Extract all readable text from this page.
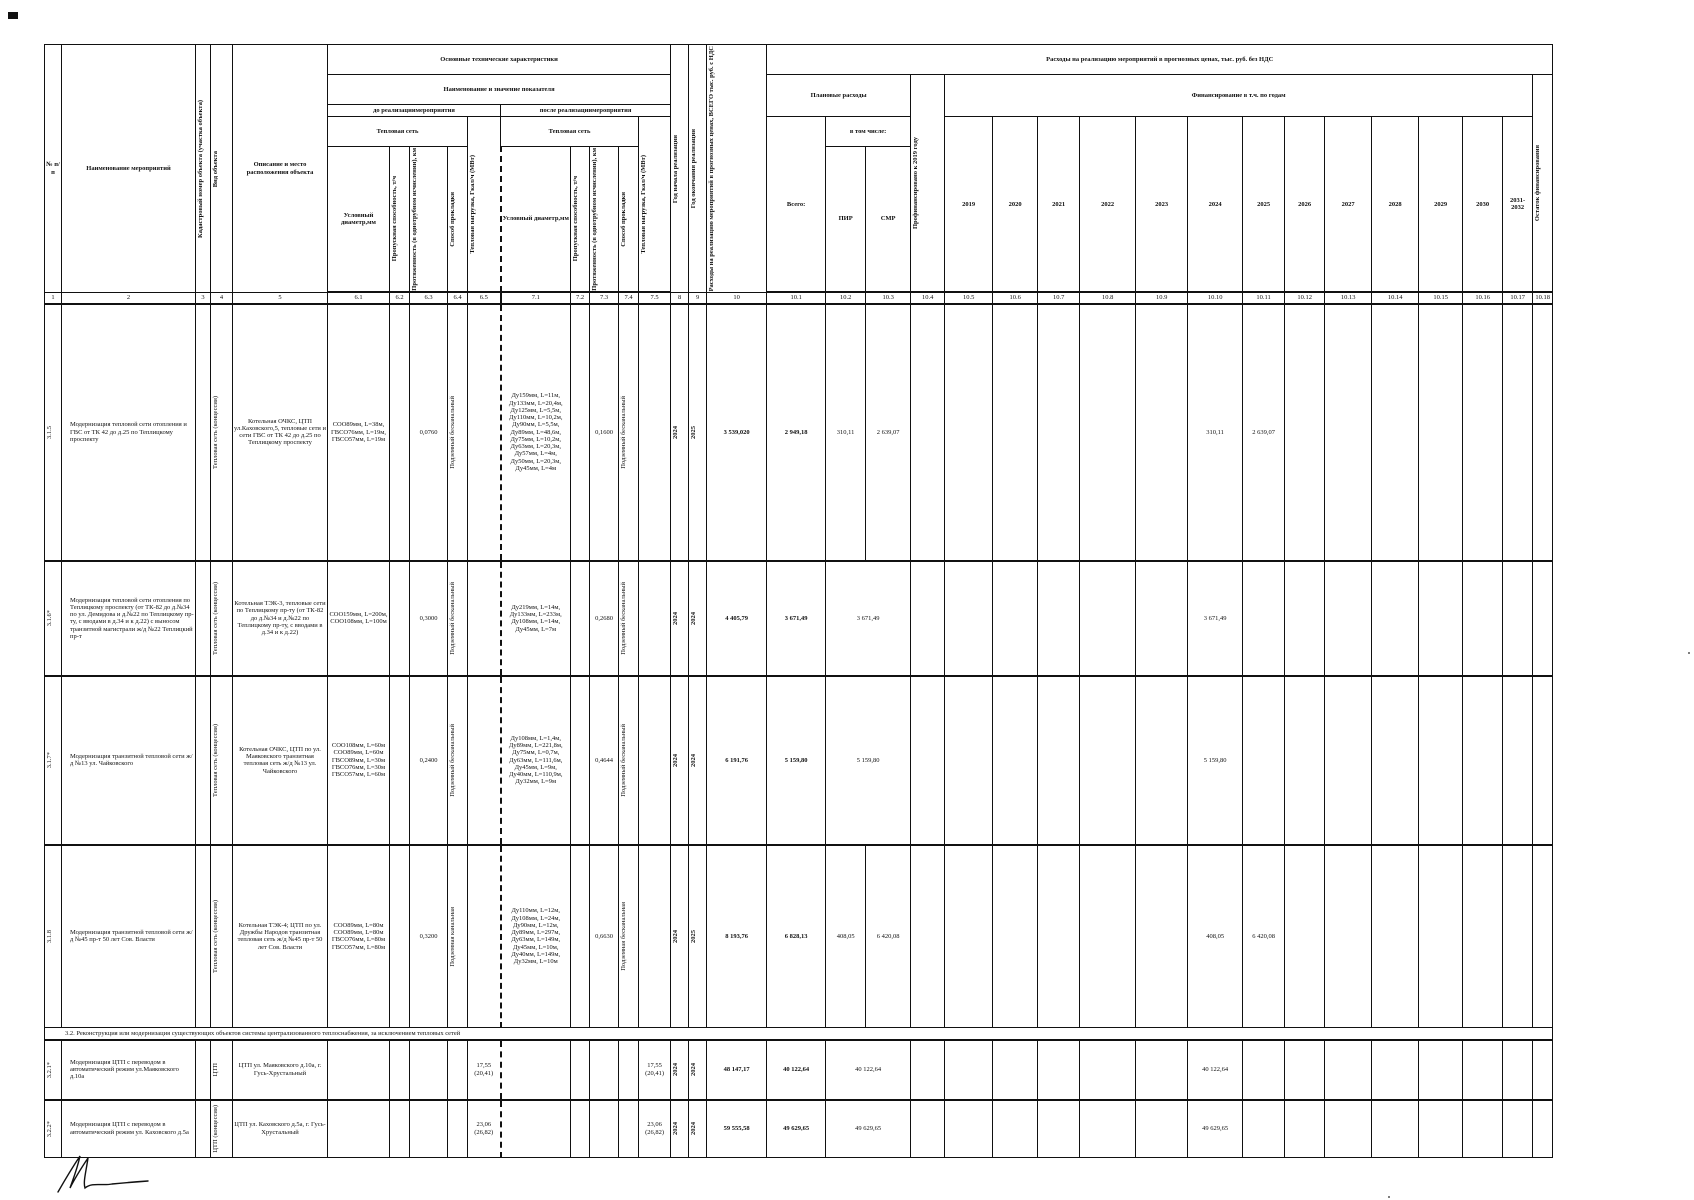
№ п/п	Наименование мероприятий	Кадастровый номер объекта (участка объекта)	Вид объекта	Описание и место расположения объекта	Основные технические характеристики										Год начала реализации	Год окончания реализации	Расходы на реализацию мероприятий в прогнозных ценах, ВСЕГО тыс. руб. с НДС	Расходы на реализацию мероприятий в прогнозных ценах, тыс. руб. без НДС																	
					Наименование и значение показателя													Плановые расходы			Профинансировано к 2019 году	Финансирование в т.ч. по годам													Остаток финансирования

					до реализациимероприятия					после реализациимероприятия																									
					Тепловая сеть				Тепловая нагрузка, Гкал/ч (МВт)	Тепловая сеть				Тепловая нагрузка, Гкал/ч (МВт)				Всего:	в том числе:			2019	2020	2021	2022	2023	2024	2025	2026	2027	2028	2029	2030	2031-2032	
					Условный диаметр,мм	Пропускная способность, т/ч	Протяженность (в однотрубном исчислении), км	Способ прокладки		Условный диаметр,мм	Пропускная способность, т/ч	Протяженность (в однотрубном исчислении), км	Способ прокладки						ПИР	СМР															

1	2	3	4	5	6.1	6.2	6.3	6.4	6.5	7.1	7.2	7.3	7.4	7.5	8	9	10	10.1	10.2	10.3	10.4	10.5	10.6	10.7	10.8	10.9	10.10	10.11	10.12	10.13	10.14	10.15	10.16	10.17	10.18

3.1.5	Модернизация тепловой сети отопления и ГВС от ТК 42 до д.25 по Теплицкому проспекту		Тепловая сеть (концессия)	Котельная ОЧКС, ЦТП ул.Каховского,5, тепловые сети и сети ГВС от ТК 42 до д.25 по Теплицкому проспекту	СОО89мм, L=38м, ГВСО76мм, L=19м, ГВСО57мм, L=19м		0,0760	Подземный бесканальный		Ду159мм, L=11м, Ду133мм, L=20,4м, Ду125мм, L=5,5м, Ду110мм, L=10,2м, Ду90мм, L=5,5м, Ду89мм, L=48,6м, Ду75мм, L=10,2м, Ду63мм, L=20,3м, Ду57мм, L=4м, Ду50мм, L=20,3м, Ду45мм, L=4м		0,1600	Подземный бесканальный		2024	2025	3 539,020	2 949,18	310,11	2 639,07							310,11	2 639,07							

3.1.6*	Модернизация тепловой сети отопления по Теплицкому проспекту (от ТК-82 до д.№34 по ул. Демидова и д.№22 по Теплицкому пр-ту, с вводами в д.34 и к д.22) с выносом транзитной магистрали ж/д №22 Теплицкий пр-т		Тепловая сеть (концессия)	Котельная ТЭК-3, тепловые сети по Теплицкому пр-ту (от ТК-82 до д.№34 и д.№22 по Теплицкому пр-ту, с вводами в д.34 и к д.22)	СОО159мм, L=200м, СОО108мм, L=100м		0,3000	Подземный бесканальный		Ду219мм, L=14м, Ду133мм, L=233м, Ду108мм, L=14м, Ду45мм, L=7м		0,2680	Подземный бесканальный		2024	2024	4 405,79	3 671,49	3 671,49								3 671,49								

3.1.7*	Модернизация транзитной тепловой сети ж/д №13 ул. Чайковского		Тепловая сеть (концессия)	Котельная ОЧКС, ЦТП по ул. Маяковского транзитная тепловая сеть ж/д №13 ул. Чайковского	СОО108мм, L=60м СОО89мм, L=60м ГВСО89мм, L=30м ГВСО76мм, L=30м ГВСО57мм, L=60м		0,2400	Подземный бесканальный		Ду108мм, L=1,4м, Ду89мм, L=221,8м, Ду75мм, L=0,7м, Ду63мм, L=111,6м, Ду45мм, L=9м, Ду40мм, L=110,9м, Ду32мм, L=9м		0,4644	Подземный бесканальный		2024	2024	6 191,76	5 159,80	5 159,80								5 159,80								

3.1.8	Модернизация транзитной тепловой сети ж/д №45 пр-т 50 лет Сов. Власти		Тепловая сеть (концессия)	Котельная ТЭК-4; ЦТП по ул. Дружбы Народов транзитная тепловая сеть ж/д №45 пр-т 50 лет Сов. Власти	СОО89мм, L=80м СОО89мм, L=80м ГВСО76мм, L=80м ГВСО57мм, L=80м		0,3200	Подземная канальная		Ду110мм, L=12м, Ду108мм, L=24м, Ду90мм, L=12м, Ду89мм, L=297м, Ду63мм, L=149м, Ду45мм, L=10м, Ду40мм, L=149м, Ду32мм, L=10м		0,6630	Подземная бесканальная		2024	2025	8 193,76	6 828,13	408,05	6 420,08							408,05	6 420,08							
3.2. Реконструкция или модернизация существующих объектов системы централизованного теплоснабжения, за исключением тепловых сетей																																			

3.2.1*	Модернизация ЦТП с переводом в автоматический режим ул.Маяковского д.10а		ЦТП	ЦТП ул. Маяковского д.10а, г. Гусь-Хрустальный					17,55 (20,41)					17,55 (20,41)	2024	2024	48 147,17	40 122,64	40 122,64								40 122,64								

3.2.2*	Модернизация ЦТП с переводом в автоматический режим ул. Каховского д.5а		ЦТП (концессия)	ЦТП ул. Каховского д.5а, г. Гусь-Хрустальный					23,06 (26,82)					23,06 (26,82)	2024	2024	59 555,58	49 629,65	49 629,65								49 629,65								
